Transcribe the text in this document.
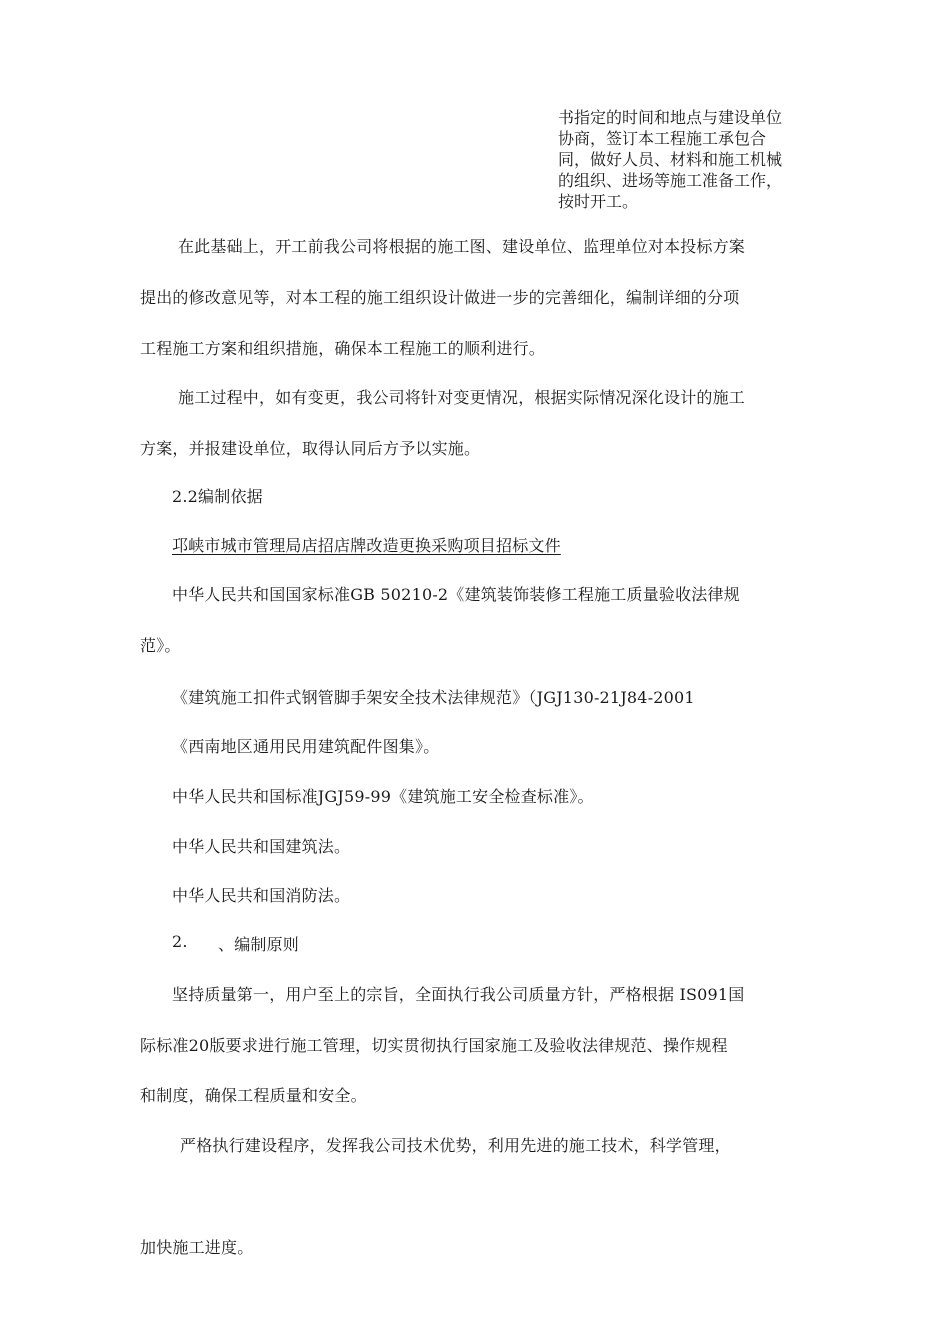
书指定的时间和地点与建设单位
协商，签订本工程施工承包合
同，做好人员、材料和施工机械
的组织、进场等施工准备工作，
按时开工。
在此基础上，开工前我公司将根据的施工图、建设单位、监理单位对本投标方案
提出的修改意见等，对本工程的施工组织设计做进一步的完善细化，编制详细的分项
工程施工方案和组织措施，确保本工程施工的顺利进行。
施工过程中，如有变更，我公司将针对变更情况，根据实际情况深化设计的施工
方案，并报建设单位，取得认同后方予以实施。
2.2编制依据
邛峡市城市管理局店招店牌改造更换采购项目招标文件
中华人民共和国国家标准GB 50210-2《建筑装饰装修工程施工质量验收法律规
范》。
《建筑施工扣件式钢管脚手架安全技术法律规范》（JGJ130-21J84-2001
《西南地区通用民用建筑配件图集》。
中华人民共和国标准JGJ59-99《建筑施工安全检查标准》。
中华人民共和国建筑法。
中华人民共和国消防法。
2. 、编制原则
坚持质量第一，用户至上的宗旨，全面执行我公司质量方针，严格根据 IS091国
际标准20版要求进行施工管理，切实贯彻执行国家施工及验收法律规范、操作规程
和制度，确保工程质量和安全。
严格执行建设程序，发挥我公司技术优势，利用先进的施工技术，科学管理，
加快施工进度。
